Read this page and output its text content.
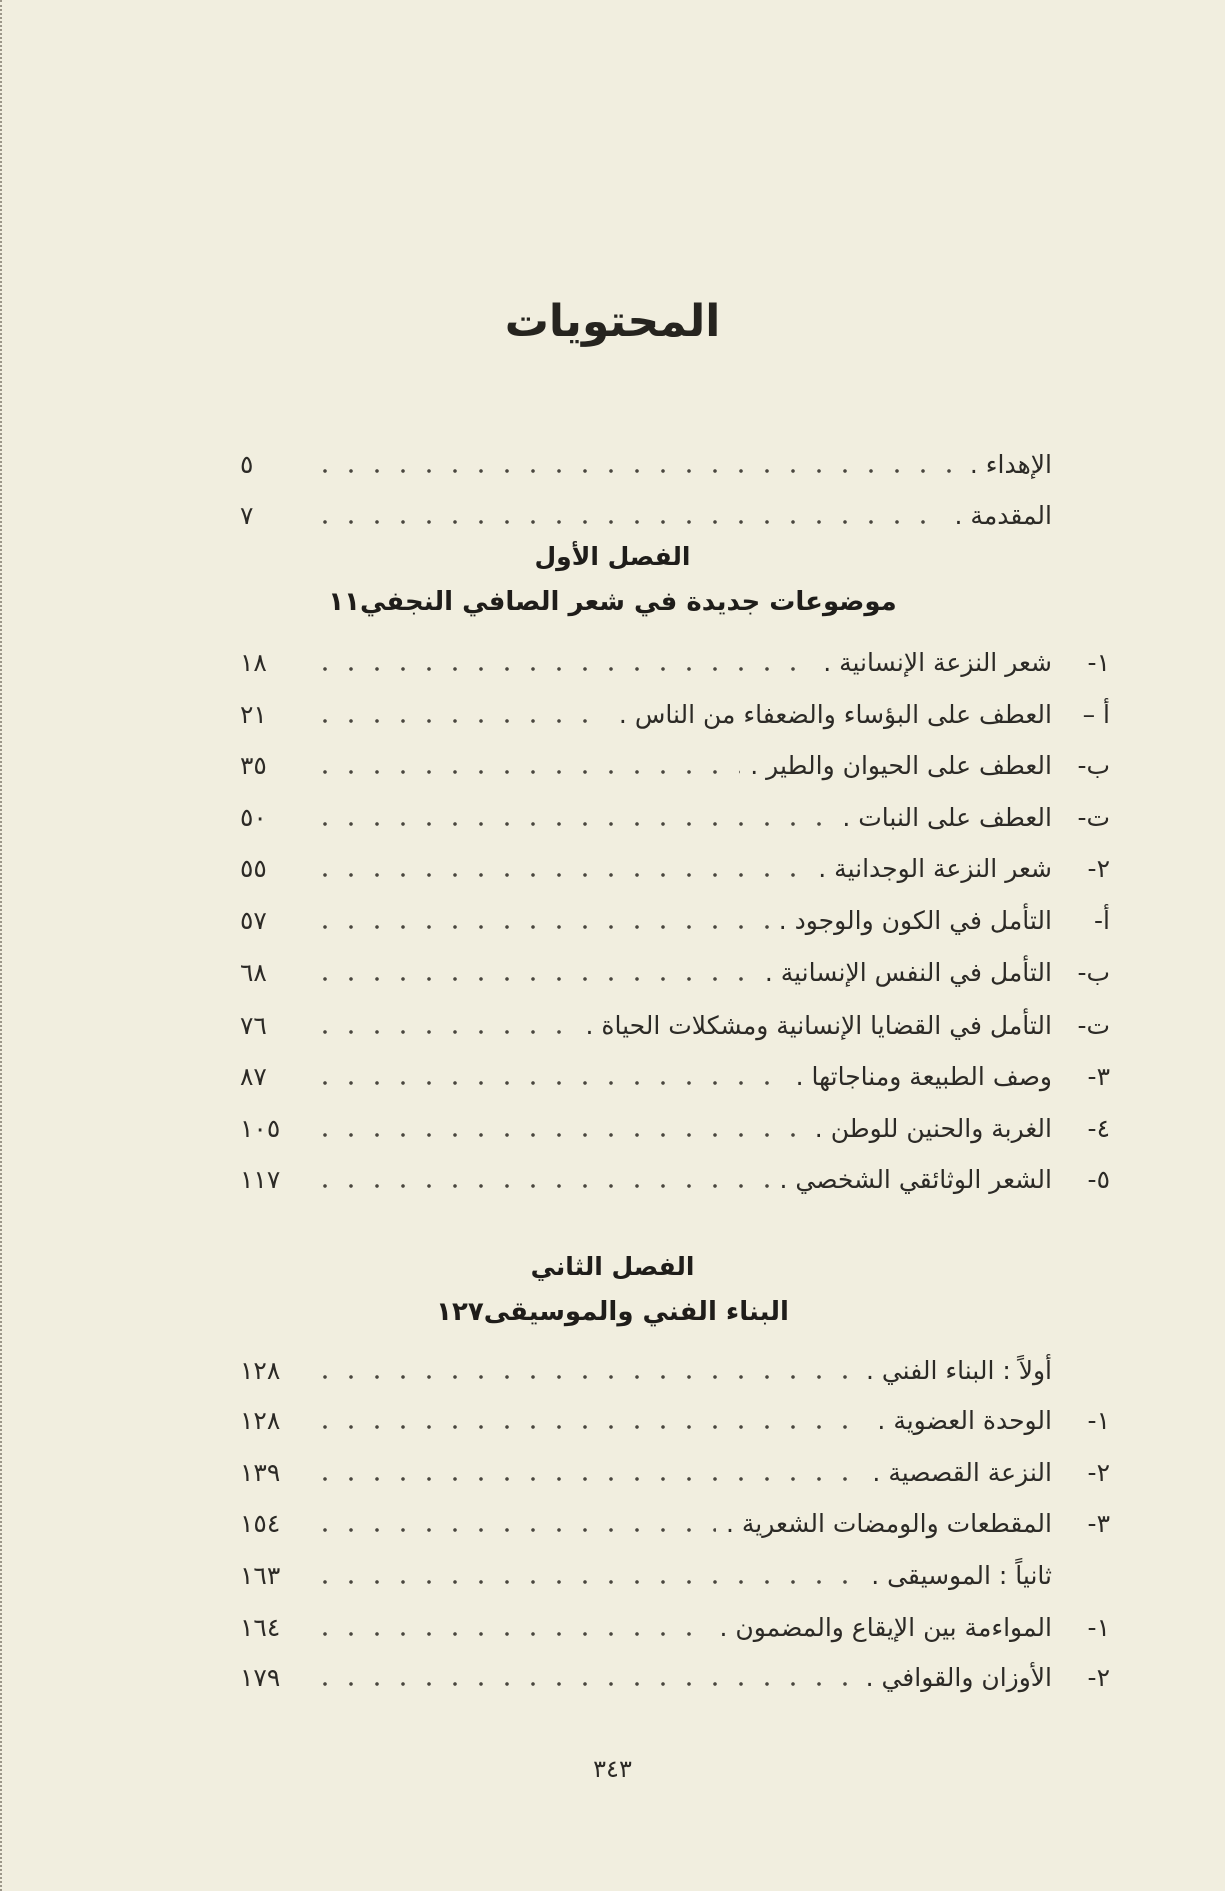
المحتويات
الإهداء .
٥
المقدمة .
٧
الفصل الأول
موضوعات جديدة في شعر الصافي النجفي١١
١-
شعر النزعة الإنسانية .
١٨
أ –
العطف على البؤساء والضعفاء من الناس .
٢١
ب-
العطف على الحيوان والطير .
٣٥
ت-
العطف على النبات .
٥٠
٢-
شعر النزعة الوجدانية .
٥٥
أ-
التأمل في الكون والوجود .
٥٧
ب-
التأمل في النفس الإنسانية .
٦٨
ت-
التأمل في القضايا الإنسانية ومشكلات الحياة .
٧٦
٣-
وصف الطبيعة ومناجاتها .
٨٧
٤-
الغربة والحنين للوطن .
١٠٥
٥-
الشعر الوثائقي الشخصي .
١١٧
الفصل الثاني
البناء الفني والموسيقى١٢٧
أولاً : البناء الفني .
١٢٨
١-
الوحدة العضوية .
١٢٨
٢-
النزعة القصصية .
١٣٩
٣-
المقطعات والومضات الشعرية .
١٥٤
ثانياً : الموسيقى .
١٦٣
١-
المواءمة بين الإيقاع والمضمون .
١٦٤
٢-
الأوزان والقوافي .
١٧٩
٣٤٣
